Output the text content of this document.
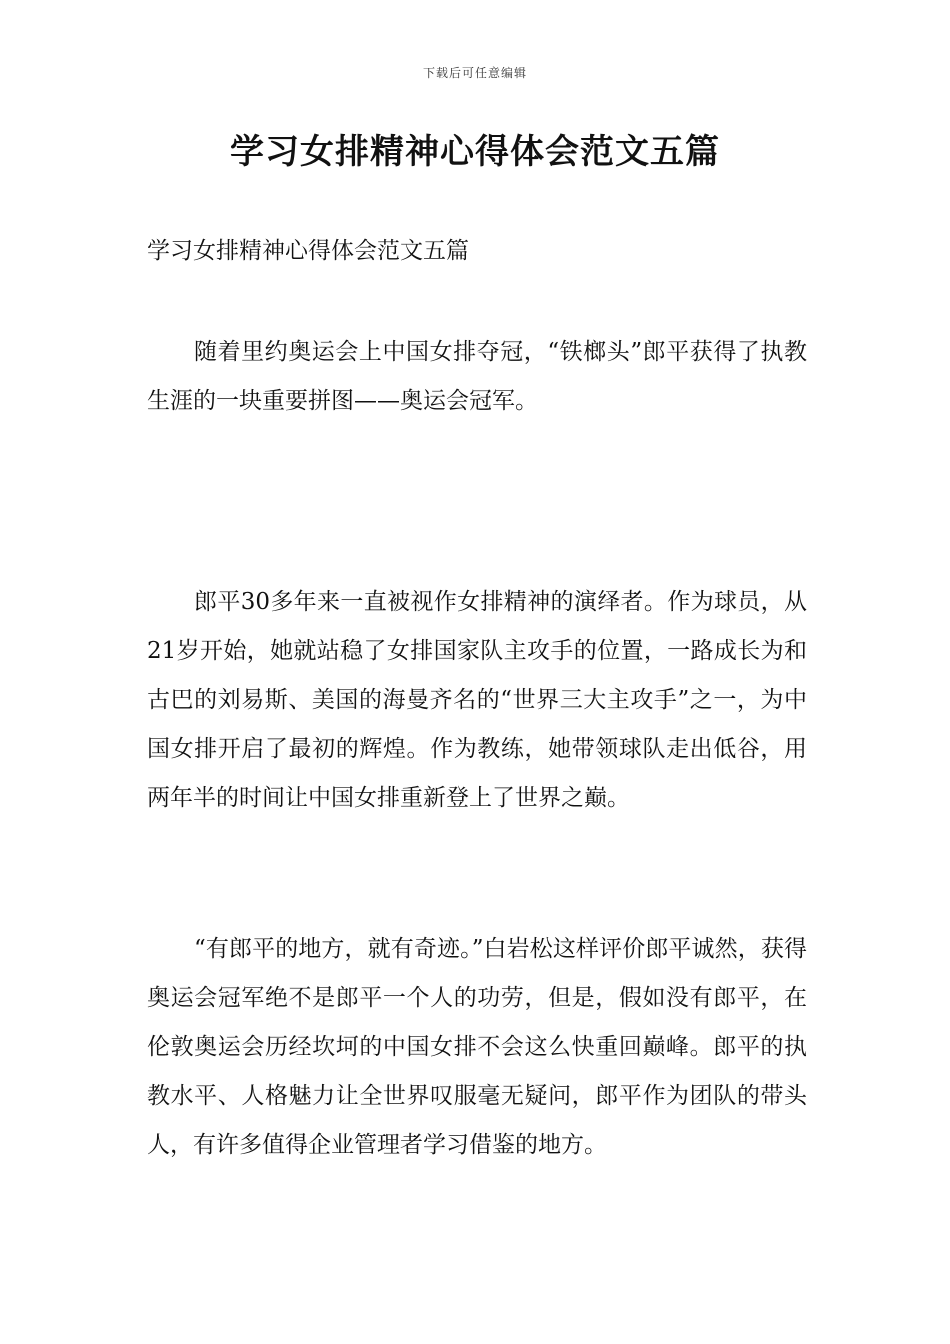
下载后可任意编辑
学习女排精神心得体会范文五篇

学习女排精神心得体会范文五篇

随着里约奥运会上中国女排夺冠，“铁榔头”郎平获得了执教生涯的一块重要拼图——奥运会冠军。

郎平30多年来一直被视作女排精神的演绎者。作为球员，从21岁开始，她就站稳了女排国家队主攻手的位置，一路成长为和古巴的刘易斯、美国的海曼齐名的“世界三大主攻手”之一，为中国女排开启了最初的辉煌。作为教练，她带领球队走出低谷，用两年半的时间让中国女排重新登上了世界之巅。

“有郎平的地方，就有奇迹。”白岩松这样评价郎平诚然，获得奥运会冠军绝不是郎平一个人的功劳，但是，假如没有郎平，在伦敦奥运会历经坎坷的中国女排不会这么快重回巅峰。郎平的执教水平、人格魅力让全世界叹服毫无疑问，郎平作为团队的带头人，有许多值得企业管理者学习借鉴的地方。
